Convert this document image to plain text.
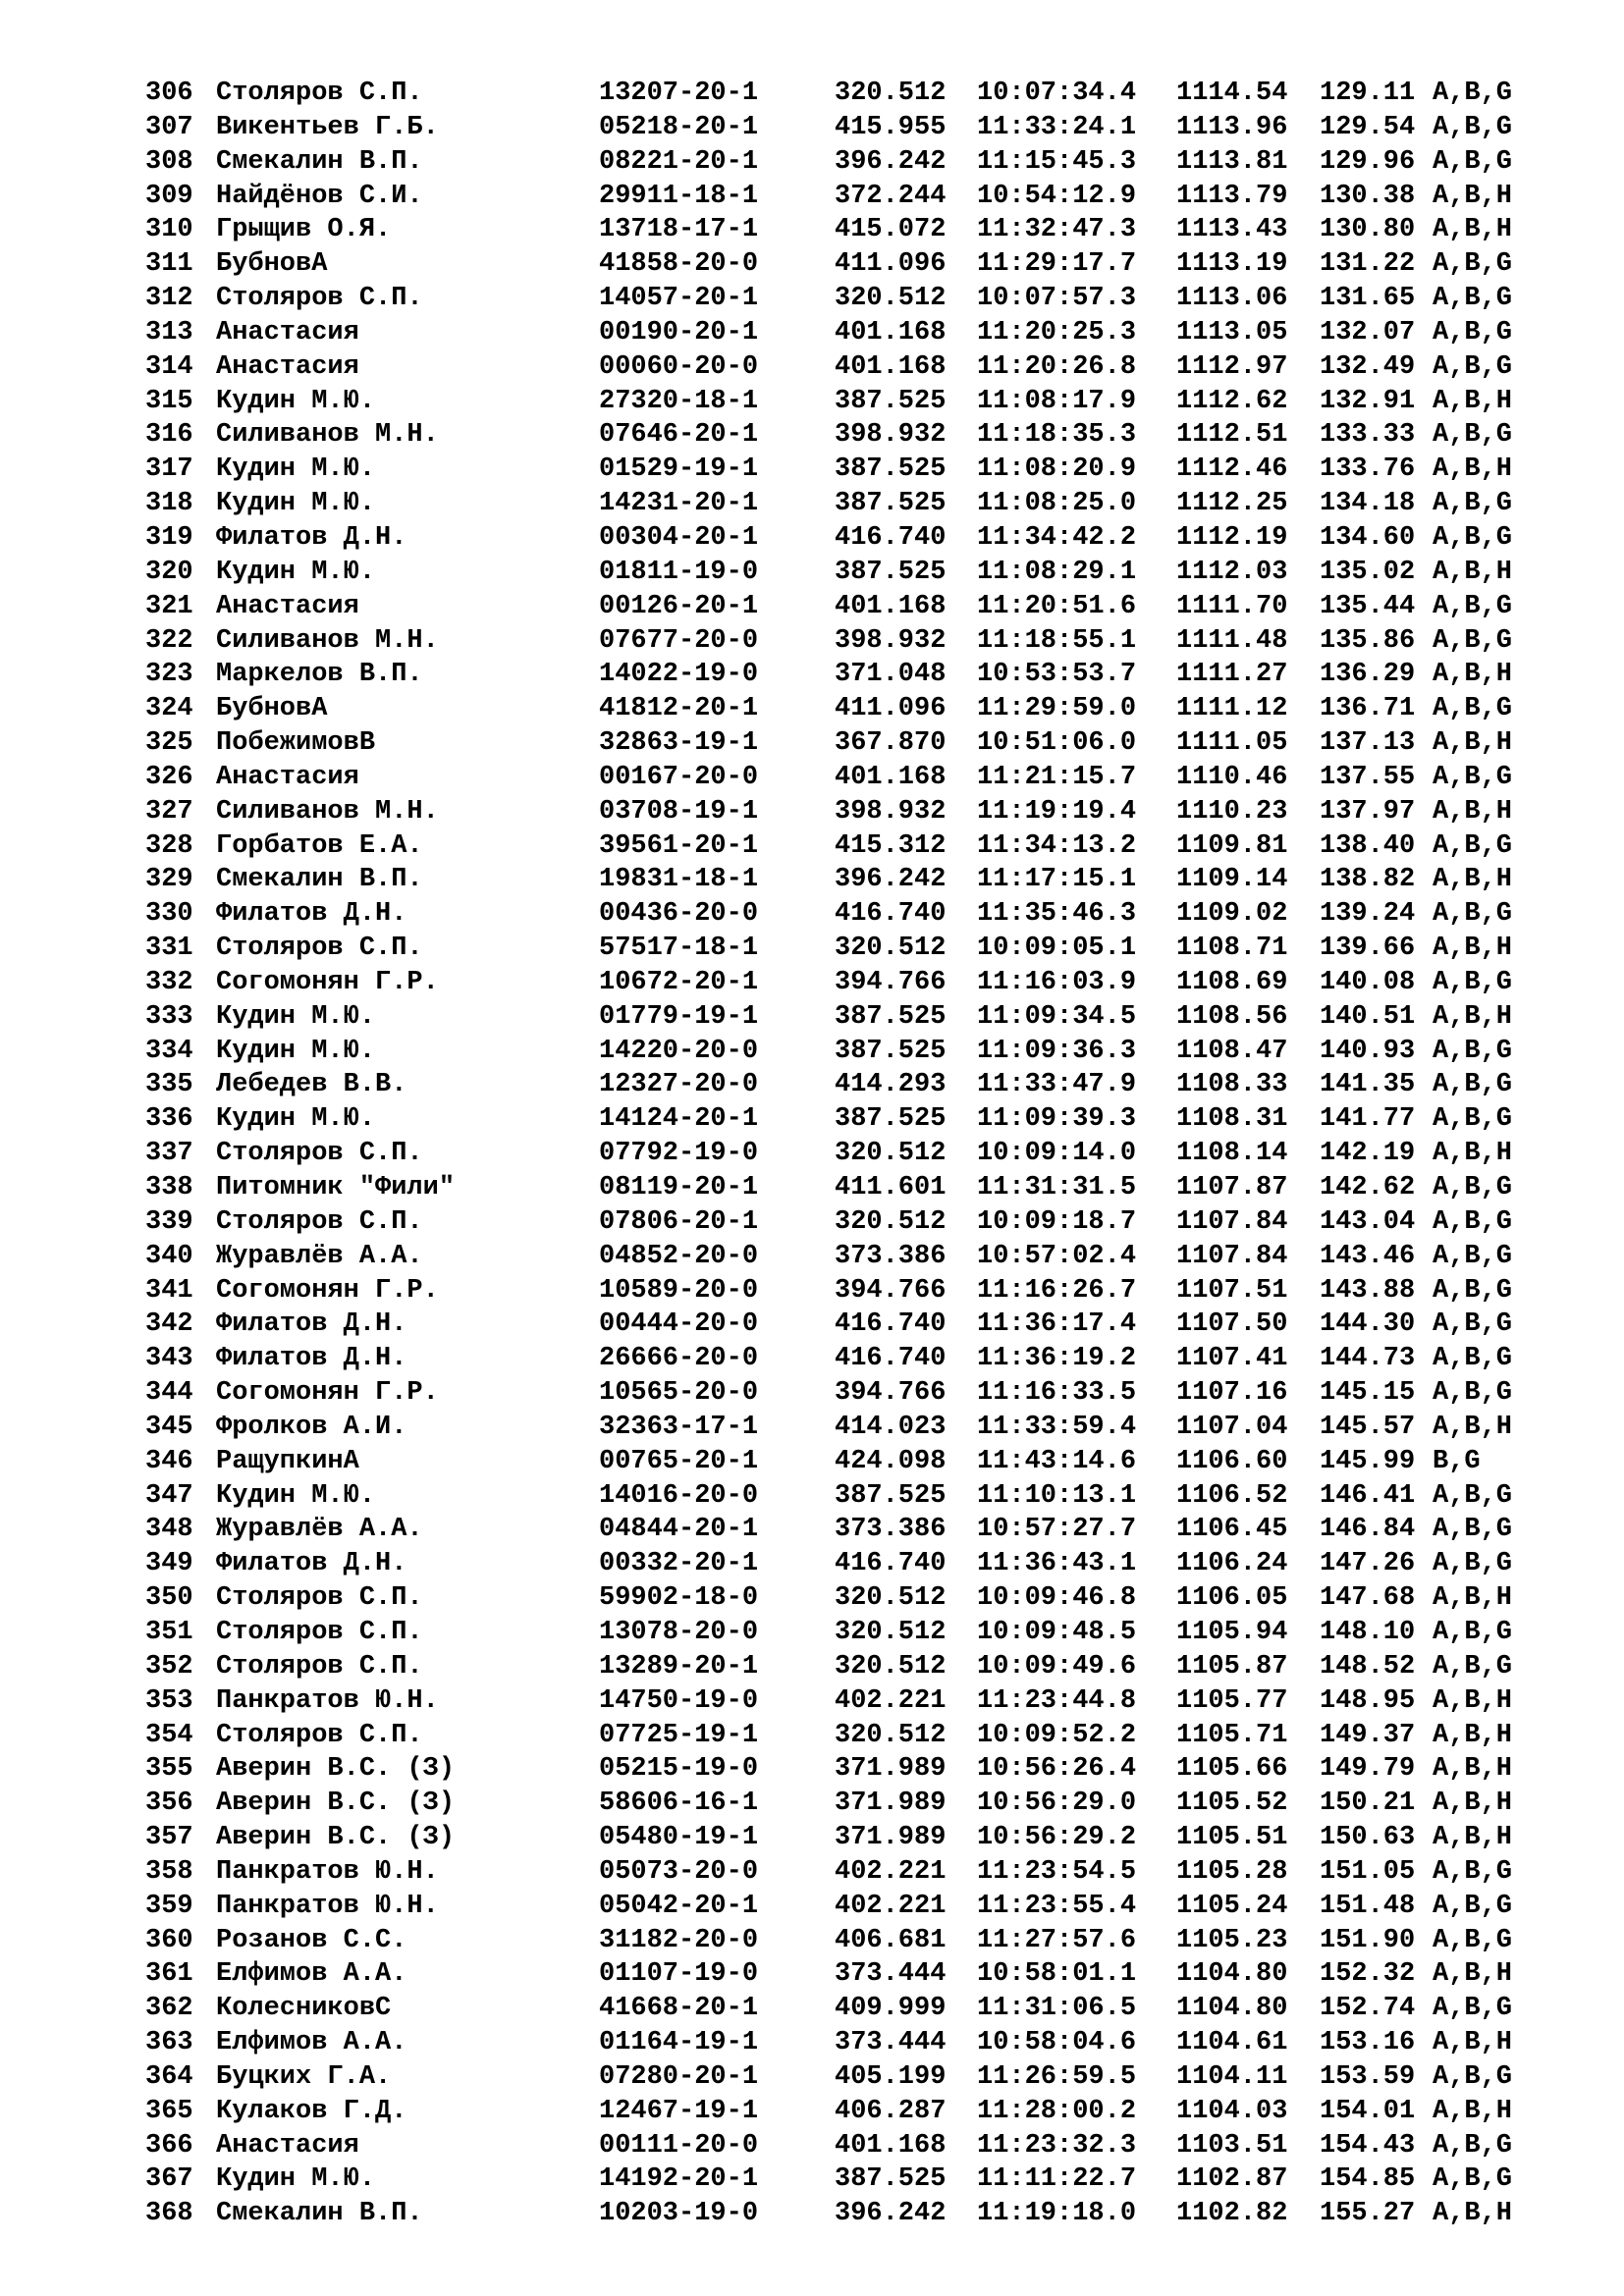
306 Столяров С.П.	13207-20-1	320.512	10:07:34.4	1114.54	129.11 A,B,G
307 Викентьев Г.Б.	05218-20-1	415.955	11:33:24.1	1113.96	129.54 A,B,G
308 Смекалин В.П.	08221-20-1	396.242	11:15:45.3	1113.81	129.96 A,B,G
309 Найдёнов С.И.	29911-18-1	372.244	10:54:12.9	1113.79	130.38 A,B,H
310 Грыщив О.Я.	13718-17-1	415.072	11:32:47.3	1113.43	130.80 A,B,H
311 БубновА	41858-20-0	411.096	11:29:17.7	1113.19	131.22 A,B,G
312 Столяров С.П.	14057-20-1	320.512	10:07:57.3	1113.06	131.65 A,B,G
313 Анастасия	00190-20-1	401.168	11:20:25.3	1113.05	132.07 A,B,G
314 Анастасия	00060-20-0	401.168	11:20:26.8	1112.97	132.49 A,B,G
315 Кудин М.Ю.	27320-18-1	387.525	11:08:17.9	1112.62	132.91 A,B,H
316 Силиванов М.Н.	07646-20-1	398.932	11:18:35.3	1112.51	133.33 A,B,G
317 Кудин М.Ю.	01529-19-1	387.525	11:08:20.9	1112.46	133.76 A,B,H
318 Кудин М.Ю.	14231-20-1	387.525	11:08:25.0	1112.25	134.18 A,B,G
319 Филатов Д.Н.	00304-20-1	416.740	11:34:42.2	1112.19	134.60 A,B,G
320 Кудин М.Ю.	01811-19-0	387.525	11:08:29.1	1112.03	135.02 A,B,H
321 Анастасия	00126-20-1	401.168	11:20:51.6	1111.70	135.44 A,B,G
322 Силиванов М.Н.	07677-20-0	398.932	11:18:55.1	1111.48	135.86 A,B,G
323 Маркелов В.П.	14022-19-0	371.048	10:53:53.7	1111.27	136.29 A,B,H
324 БубновА	41812-20-1	411.096	11:29:59.0	1111.12	136.71 A,B,G
325 ПобежимовВ	32863-19-1	367.870	10:51:06.0	1111.05	137.13 A,B,H
326 Анастасия	00167-20-0	401.168	11:21:15.7	1110.46	137.55 A,B,G
327 Силиванов М.Н.	03708-19-1	398.932	11:19:19.4	1110.23	137.97 A,B,H
328 Горбатов Е.А.	39561-20-1	415.312	11:34:13.2	1109.81	138.40 A,B,G
329 Смекалин В.П.	19831-18-1	396.242	11:17:15.1	1109.14	138.82 A,B,H
330 Филатов Д.Н.	00436-20-0	416.740	11:35:46.3	1109.02	139.24 A,B,G
331 Столяров С.П.	57517-18-1	320.512	10:09:05.1	1108.71	139.66 A,B,H
332 Согомонян Г.Р.	10672-20-1	394.766	11:16:03.9	1108.69	140.08 A,B,G
333 Кудин М.Ю.	01779-19-1	387.525	11:09:34.5	1108.56	140.51 A,B,H
334 Кудин М.Ю.	14220-20-0	387.525	11:09:36.3	1108.47	140.93 A,B,G
335 Лебедев В.В.	12327-20-0	414.293	11:33:47.9	1108.33	141.35 A,B,G
336 Кудин М.Ю.	14124-20-1	387.525	11:09:39.3	1108.31	141.77 A,B,G
337 Столяров С.П.	07792-19-0	320.512	10:09:14.0	1108.14	142.19 A,B,H
338 Питомник "Фили"	08119-20-1	411.601	11:31:31.5	1107.87	142.62 A,B,G
339 Столяров С.П.	07806-20-1	320.512	10:09:18.7	1107.84	143.04 A,B,G
340 Журавлёв А.А.	04852-20-0	373.386	10:57:02.4	1107.84	143.46 A,B,G
341 Согомонян Г.Р.	10589-20-0	394.766	11:16:26.7	1107.51	143.88 A,B,G
342 Филатов Д.Н.	00444-20-0	416.740	11:36:17.4	1107.50	144.30 A,B,G
343 Филатов Д.Н.	26666-20-0	416.740	11:36:19.2	1107.41	144.73 A,B,G
344 Согомонян Г.Р.	10565-20-0	394.766	11:16:33.5	1107.16	145.15 A,B,G
345 Фролков А.И.	32363-17-1	414.023	11:33:59.4	1107.04	145.57 A,B,H
346 РащупкинА	00765-20-1	424.098	11:43:14.6	1106.60	145.99 B,G
347 Кудин М.Ю.	14016-20-0	387.525	11:10:13.1	1106.52	146.41 A,B,G
348 Журавлёв А.А.	04844-20-1	373.386	10:57:27.7	1106.45	146.84 A,B,G
349 Филатов Д.Н.	00332-20-1	416.740	11:36:43.1	1106.24	147.26 A,B,G
350 Столяров С.П.	59902-18-0	320.512	10:09:46.8	1106.05	147.68 A,B,H
351 Столяров С.П.	13078-20-0	320.512	10:09:48.5	1105.94	148.10 A,B,G
352 Столяров С.П.	13289-20-1	320.512	10:09:49.6	1105.87	148.52 A,B,G
353 Панкратов Ю.Н.	14750-19-0	402.221	11:23:44.8	1105.77	148.95 A,B,H
354 Столяров С.П.	07725-19-1	320.512	10:09:52.2	1105.71	149.37 A,B,H
355 Аверин В.С. (З)	05215-19-0	371.989	10:56:26.4	1105.66	149.79 A,B,H
356 Аверин В.С. (З)	58606-16-1	371.989	10:56:29.0	1105.52	150.21 A,B,H
357 Аверин В.С. (З)	05480-19-1	371.989	10:56:29.2	1105.51	150.63 A,B,H
358 Панкратов Ю.Н.	05073-20-0	402.221	11:23:54.5	1105.28	151.05 A,B,G
359 Панкратов Ю.Н.	05042-20-1	402.221	11:23:55.4	1105.24	151.48 A,B,G
360 Розанов С.С.	31182-20-0	406.681	11:27:57.6	1105.23	151.90 A,B,G
361 Елфимов А.А.	01107-19-0	373.444	10:58:01.1	1104.80	152.32 A,B,H
362 КолесниковС	41668-20-1	409.999	11:31:06.5	1104.80	152.74 A,B,G
363 Елфимов А.А.	01164-19-1	373.444	10:58:04.6	1104.61	153.16 A,B,H
364 Буцких Г.А.	07280-20-1	405.199	11:26:59.5	1104.11	153.59 A,B,G
365 Кулаков Г.Д.	12467-19-1	406.287	11:28:00.2	1104.03	154.01 A,B,H
366 Анастасия	00111-20-0	401.168	11:23:32.3	1103.51	154.43 A,B,G
367 Кудин М.Ю.	14192-20-1	387.525	11:11:22.7	1102.87	154.85 A,B,G
368 Смекалин В.П.	10203-19-0	396.242	11:19:18.0	1102.82	155.27 A,B,H
